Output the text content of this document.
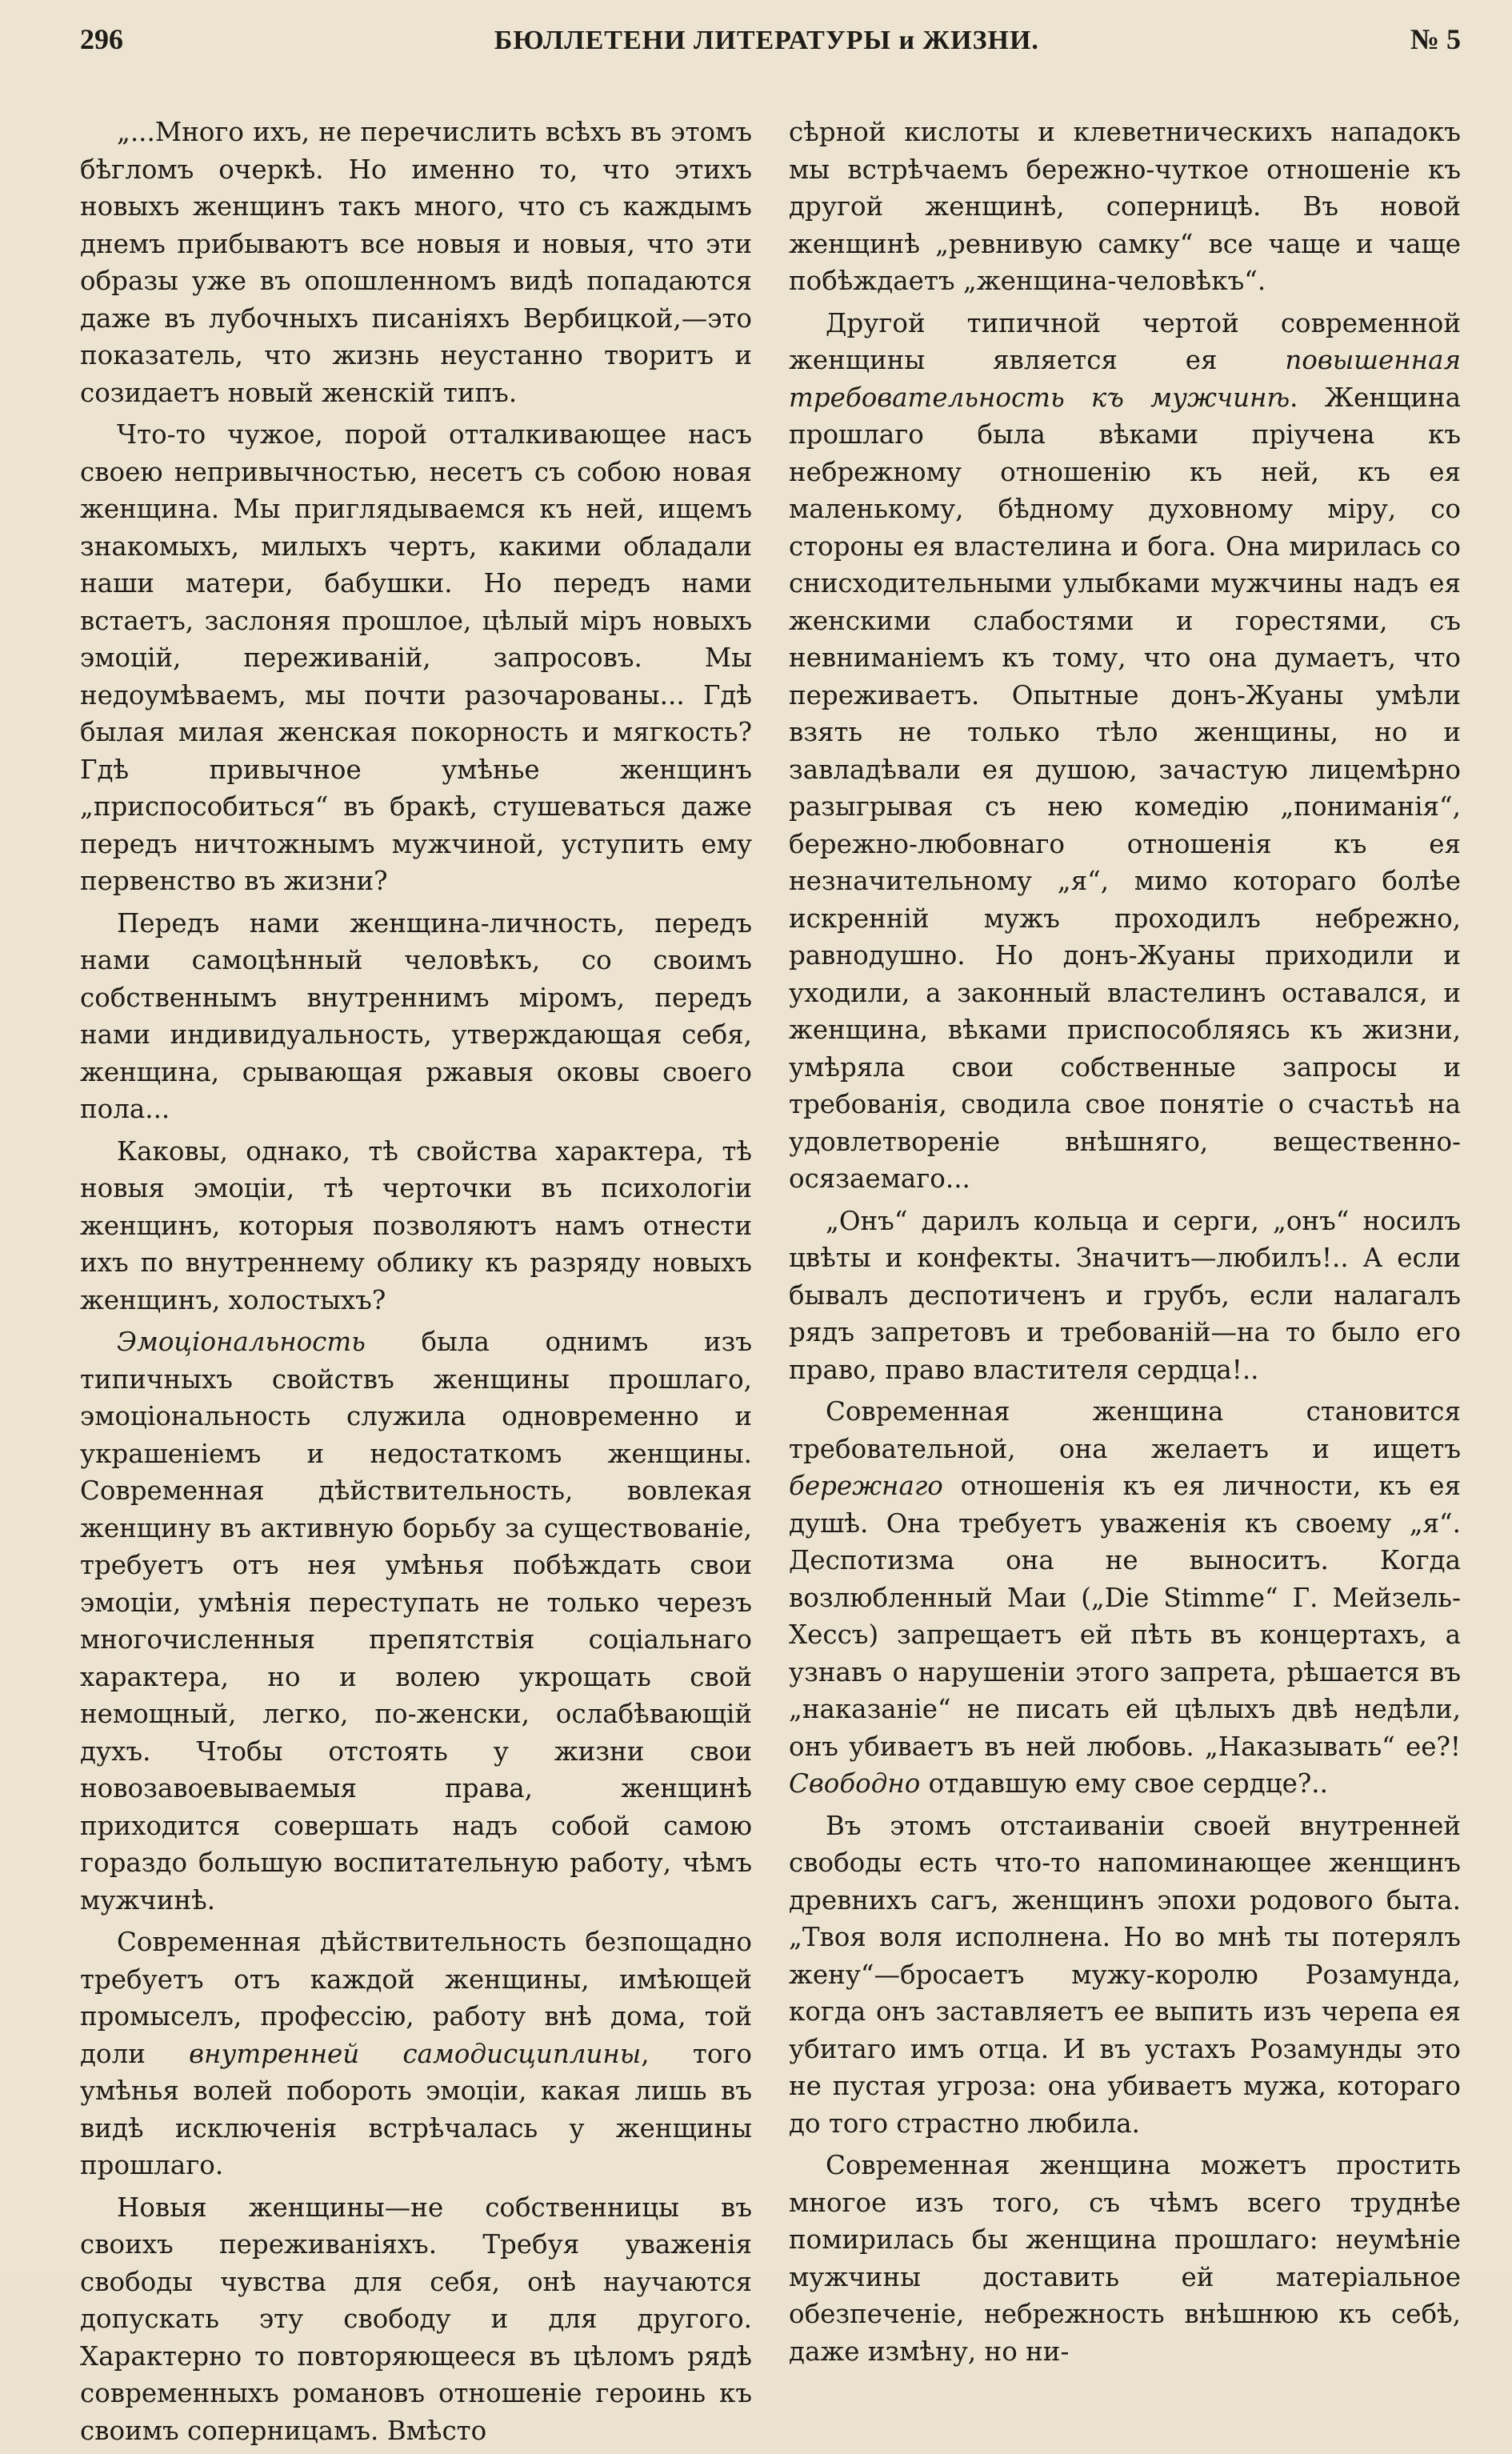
296	БЮЛЛЕТЕНИ ЛИТЕРАТУРЫ и ЖИЗНИ.	№ 5

„...Много ихъ, не перечислить всѣхъ въ этомъ бѣгломъ очеркѣ. Но именно то, что этихъ новыхъ женщинъ такъ много, что съ каждымъ днемъ прибываютъ все новыя и новыя, что эти образы уже въ опошленномъ видѣ попадаются даже въ лубочныхъ писаніяхъ Вербицкой,—это показатель, что жизнь неустанно творитъ и созидаетъ новый женскій типъ.

Что-то чужое, порой отталкивающее насъ своею непривычностью, несетъ съ собою новая женщина. Мы приглядываемся къ ней, ищемъ знакомыхъ, милыхъ чертъ, какими обладали наши матери, бабушки. Но передъ нами встаетъ, заслоняя прошлое, цѣлый міръ новыхъ эмоцій, переживаній, запросовъ. Мы недоумѣваемъ, мы почти разочарованы... Гдѣ былая милая женская покорность и мягкость? Гдѣ привычное умѣнье женщинъ „приспособиться“ въ бракѣ, стушеваться даже передъ ничтожнымъ мужчиной, уступить ему первенство въ жизни?

Передъ нами женщина-личность, передъ нами самоцѣнный человѣкъ, со своимъ собственнымъ внутреннимъ міромъ, передъ нами индивидуальность, утверждающая себя, женщина, срывающая ржавыя оковы своего пола...

Каковы, однако, тѣ свойства характера, тѣ новыя эмоціи, тѣ черточки въ психологіи женщинъ, которыя позволяютъ намъ отнести ихъ по внутреннему облику къ разряду новыхъ женщинъ, холостыхъ?

Эмоціональность была однимъ изъ типичныхъ свойствъ женщины прошлаго, эмоціональность служила одновременно и украшеніемъ и недостаткомъ женщины. Современная дѣйствительность, вовлекая женщину въ активную борьбу за существованіе, требуетъ отъ нея умѣнья побѣждать свои эмоціи, умѣнія переступать не только черезъ многочисленныя препятствія соціальнаго характера, но и волею укрощать свой немощный, легко, по-женски, ослабѣвающій духъ. Чтобы отстоять у жизни свои новозавоевываемыя права, женщинѣ приходится совершать надъ собой самою гораздо большую воспитательную работу, чѣмъ мужчинѣ.

Современная дѣйствительность безпощадно требуетъ отъ каждой женщины, имѣющей промыселъ, профессію, работу внѣ дома, той доли внутренней самодисциплины, того умѣнья волей побороть эмоціи, какая лишь въ видѣ исключенія встрѣчалась у женщины прошлаго.

Новыя женщины—не собственницы въ своихъ переживаніяхъ. Требуя уваженія свободы чувства для себя, онѣ научаются допускать эту свободу и для другого. Характерно то повторяющееся въ цѣломъ рядѣ современныхъ романовъ отношеніе героинь къ своимъ соперницамъ. Вмѣсто

сѣрной кислоты и клеветническихъ нападокъ мы встрѣчаемъ бережно-чуткое отношеніе къ другой женщинѣ, соперницѣ. Въ новой женщинѣ „ревнивую самку“ все чаще и чаще побѣждаетъ „женщина-человѣкъ“.

Другой типичной чертой современной женщины является ея повышенная требовательность къ мужчинѣ. Женщина прошлаго была вѣками пріучена къ небрежному отношенію къ ней, къ ея маленькому, бѣдному духовному міру, со стороны ея властелина и бога. Она мирилась со снисходительными улыбками мужчины надъ ея женскими слабостями и горестями, съ невниманіемъ къ тому, что она думаетъ, что переживаетъ. Опытные донъ-Жуаны умѣли взять не только тѣло женщины, но и завладѣвали ея душою, зачастую лицемѣрно разыгрывая съ нею комедію „пониманія“, бережно-любовнаго отношенія къ ея незначительному „я“, мимо котораго болѣе искренній мужъ проходилъ небрежно, равнодушно. Но донъ-Жуаны приходили и уходили, а законный властелинъ оставался, и женщина, вѣками приспособляясь къ жизни, умѣряла свои собственные запросы и требованія, сводила свое понятіе о счастьѣ на удовлетвореніе внѣшняго, вещественно-осязаемаго...

„Онъ“ дарилъ кольца и серги, „онъ“ носилъ цвѣты и конфекты. Значитъ—любилъ!.. А если бывалъ деспотиченъ и грубъ, если налагалъ рядъ запретовъ и требованій—на то было его право, право властителя сердца!..

Современная женщина становится требовательной, она желаетъ и ищетъ бережнаго отношенія къ ея личности, къ ея душѣ. Она требуетъ уваженія къ своему „я“. Деспотизма она не выноситъ. Когда возлюбленный Маи („Die Stimme“ Г. Мейзель-Хессъ) запрещаетъ ей пѣть въ концертахъ, а узнавъ о нарушеніи этого запрета, рѣшается въ „наказаніе“ не писать ей цѣлыхъ двѣ недѣли, онъ убиваетъ въ ней любовь. „Наказывать“ ее?! Свободно отдавшую ему свое сердце?..

Въ этомъ отстаиваніи своей внутренней свободы есть что-то напоминающее женщинъ древнихъ сагъ, женщинъ эпохи родового быта. „Твоя воля исполнена. Но во мнѣ ты потерялъ жену“—бросаетъ мужу-королю Розамунда, когда онъ заставляетъ ее выпить изъ черепа ея убитаго имъ отца. И въ устахъ Розамунды это не пустая угроза: она убиваетъ мужа, котораго до того страстно любила.

Современная женщина можетъ простить многое изъ того, съ чѣмъ всего труднѣе помирилась бы женщина прошлаго: неумѣніе мужчины доставить ей матеріальное обезпеченіе, небрежность внѣшнюю къ себѣ, даже измѣну, но ни-
